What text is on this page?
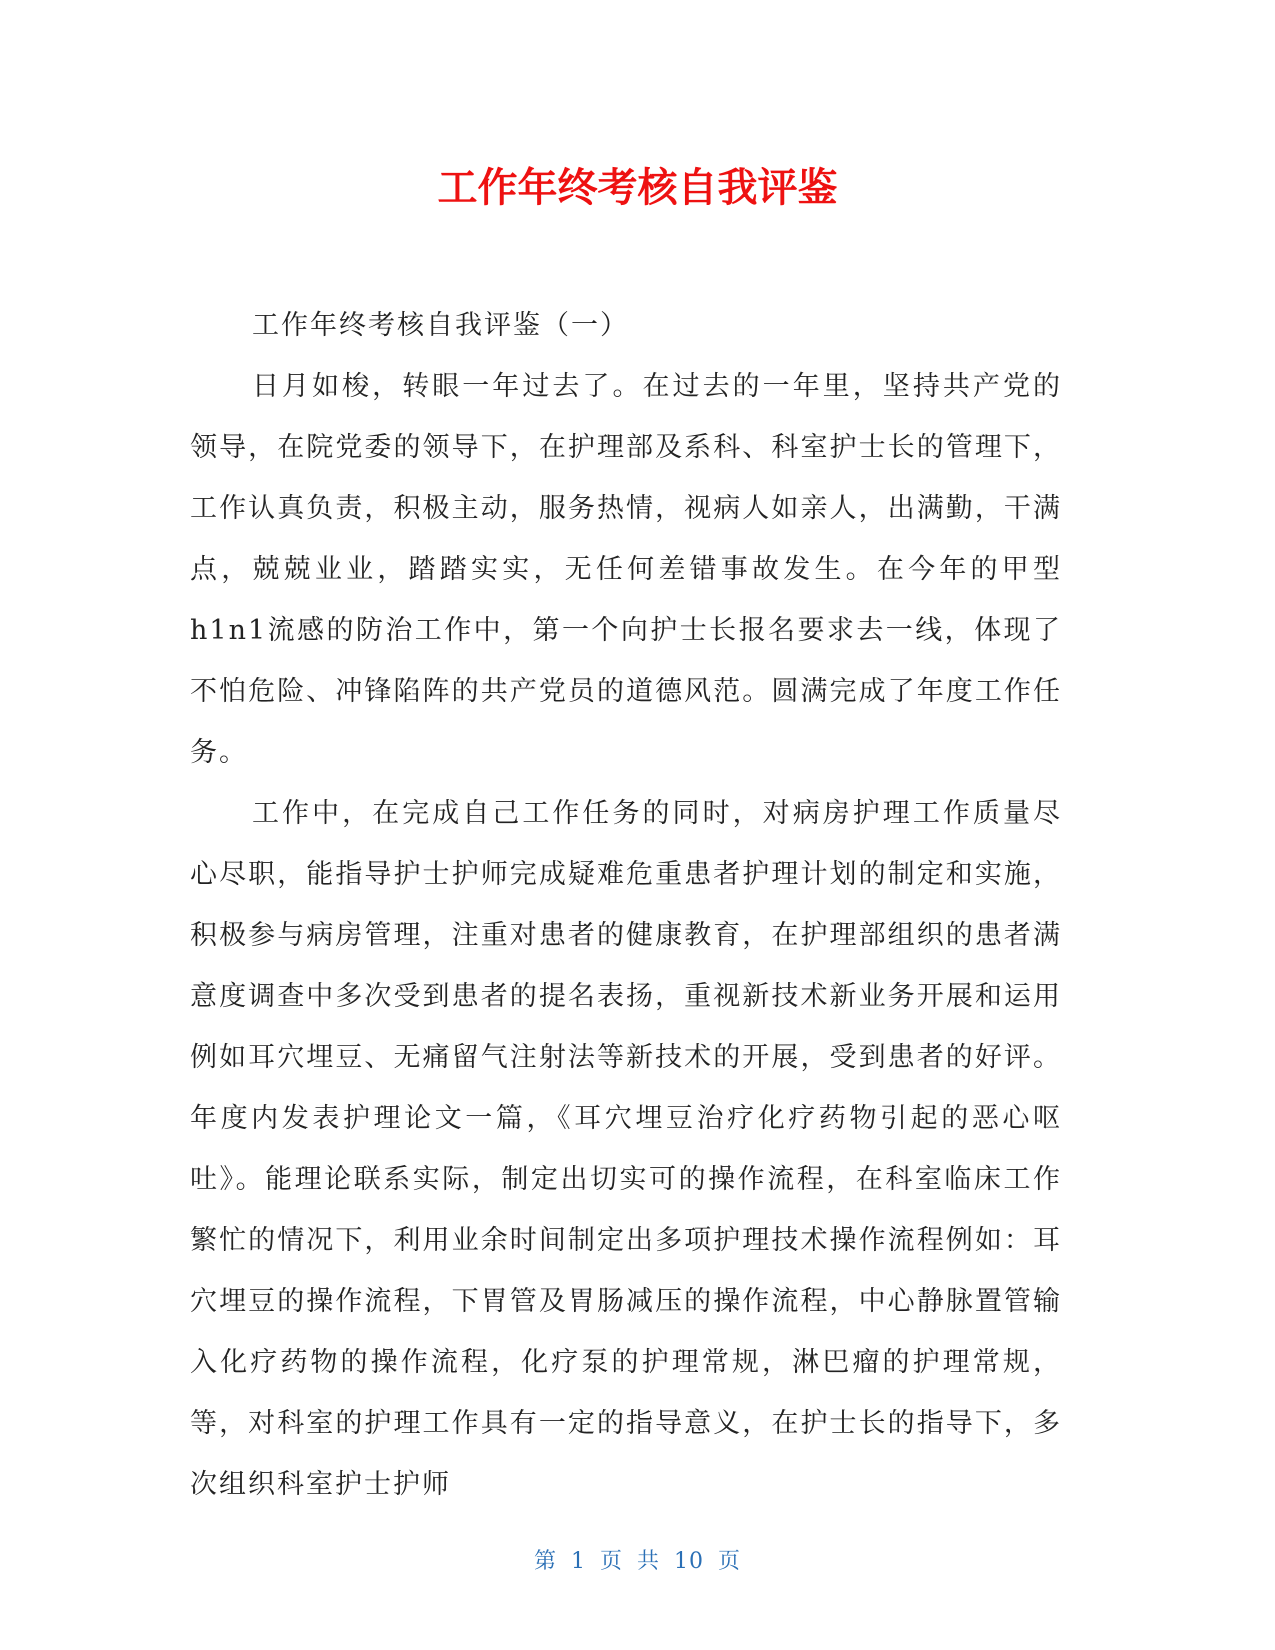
工作年终考核自我评鉴

工作年终考核自我评鉴（一）

日月如梭，转眼一年过去了。在过去的一年里，坚持共产党的领导，在院党委的领导下，在护理部及系科、科室护士长的管理下，工作认真负责，积极主动，服务热情，视病人如亲人，出满勤，干满点，兢兢业业，踏踏实实，无任何差错事故发生。在今年的甲型h1n1流感的防治工作中，第一个向护士长报名要求去一线，体现了不怕危险、冲锋陷阵的共产党员的道德风范。圆满完成了年度工作任务。

工作中，在完成自己工作任务的同时，对病房护理工作质量尽心尽职，能指导护士护师完成疑难危重患者护理计划的制定和实施，积极参与病房管理，注重对患者的健康教育，在护理部组织的患者满意度调查中多次受到患者的提名表扬，重视新技术新业务开展和运用例如耳穴埋豆、无痛留气注射法等新技术的开展，受到患者的好评。年度内发表护理论文一篇，《耳穴埋豆治疗化疗药物引起的恶心呕吐》。能理论联系实际，制定出切实可的操作流程，在科室临床工作繁忙的情况下，利用业余时间制定出多项护理技术操作流程例如：耳穴埋豆的操作流程，下胃管及胃肠减压的操作流程，中心静脉置管输入化疗药物的操作流程，化疗泵的护理常规，淋巴瘤的护理常规，等，对科室的护理工作具有一定的指导意义，在护士长的指导下，多次组织科室护士护师

第 1 页 共 10 页
